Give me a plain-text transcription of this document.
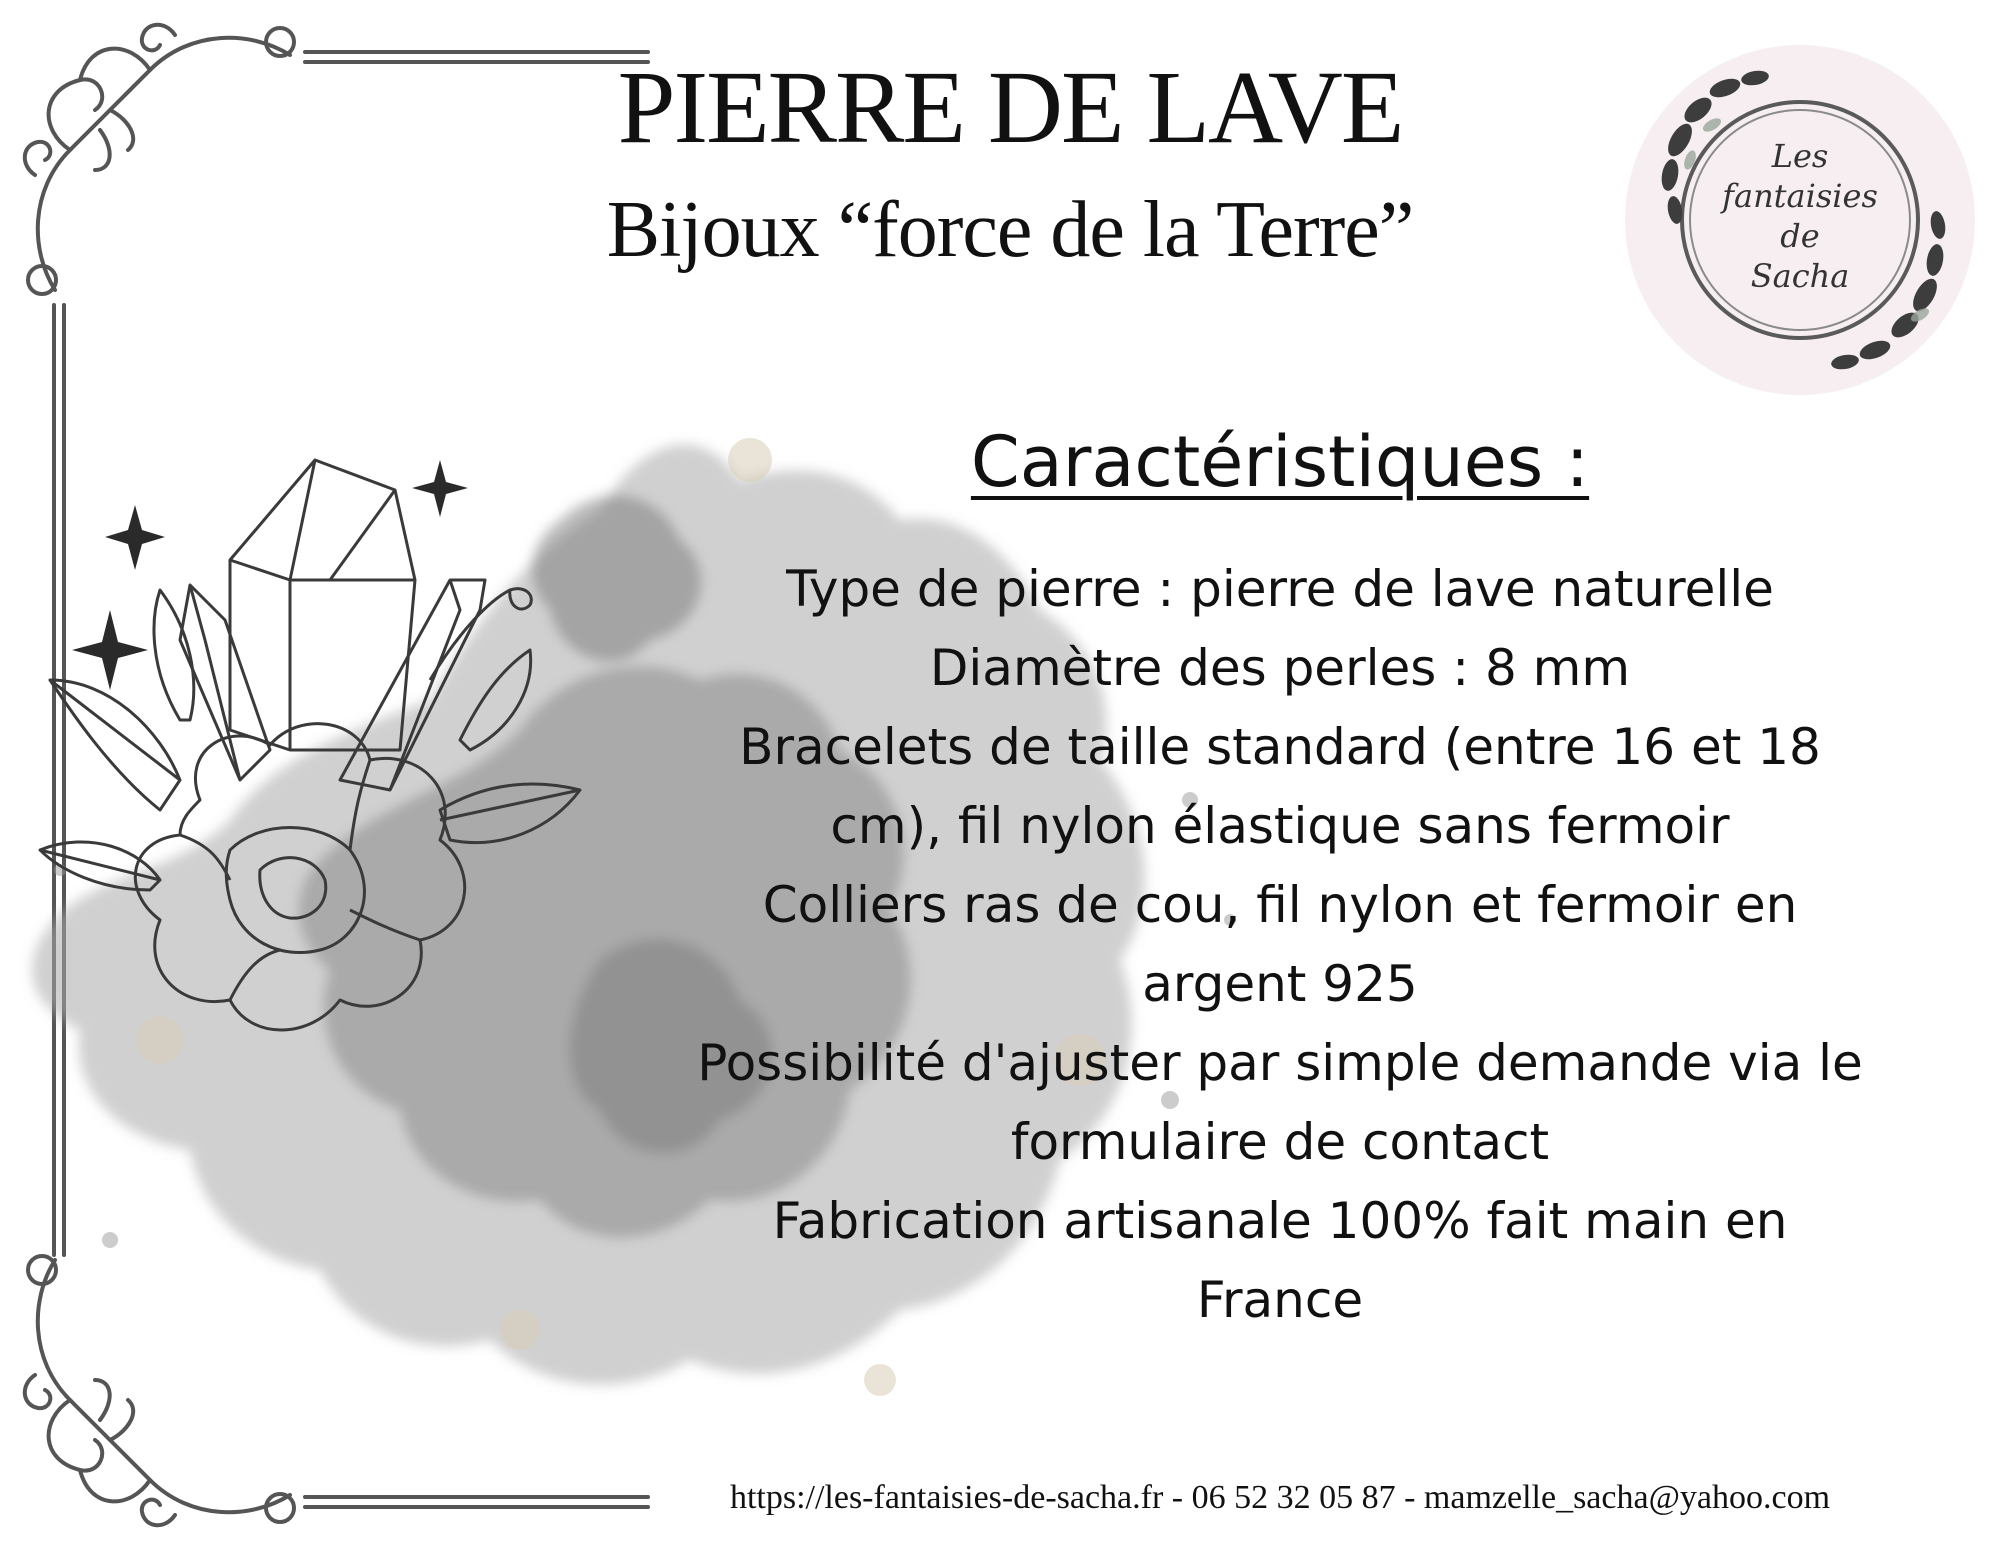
PIERRE DE LAVE
Bijoux “force de la Terre”
Les
fantaisies
de
Sacha
Caractéristiques :
Type de pierre : pierre de lave naturelle
Diamètre des perles : 8 mm
Bracelets de taille standard (entre 16 et 18 cm), fil nylon élastique sans fermoir
Colliers ras de cou, fil nylon et fermoir en argent 925
Possibilité d'ajuster par simple demande via le formulaire de contact
Fabrication artisanale 100% fait main en France
https://les-fantaisies-de-sacha.fr - 06 52 32 05 87 - mamzelle_sacha@yahoo.com
